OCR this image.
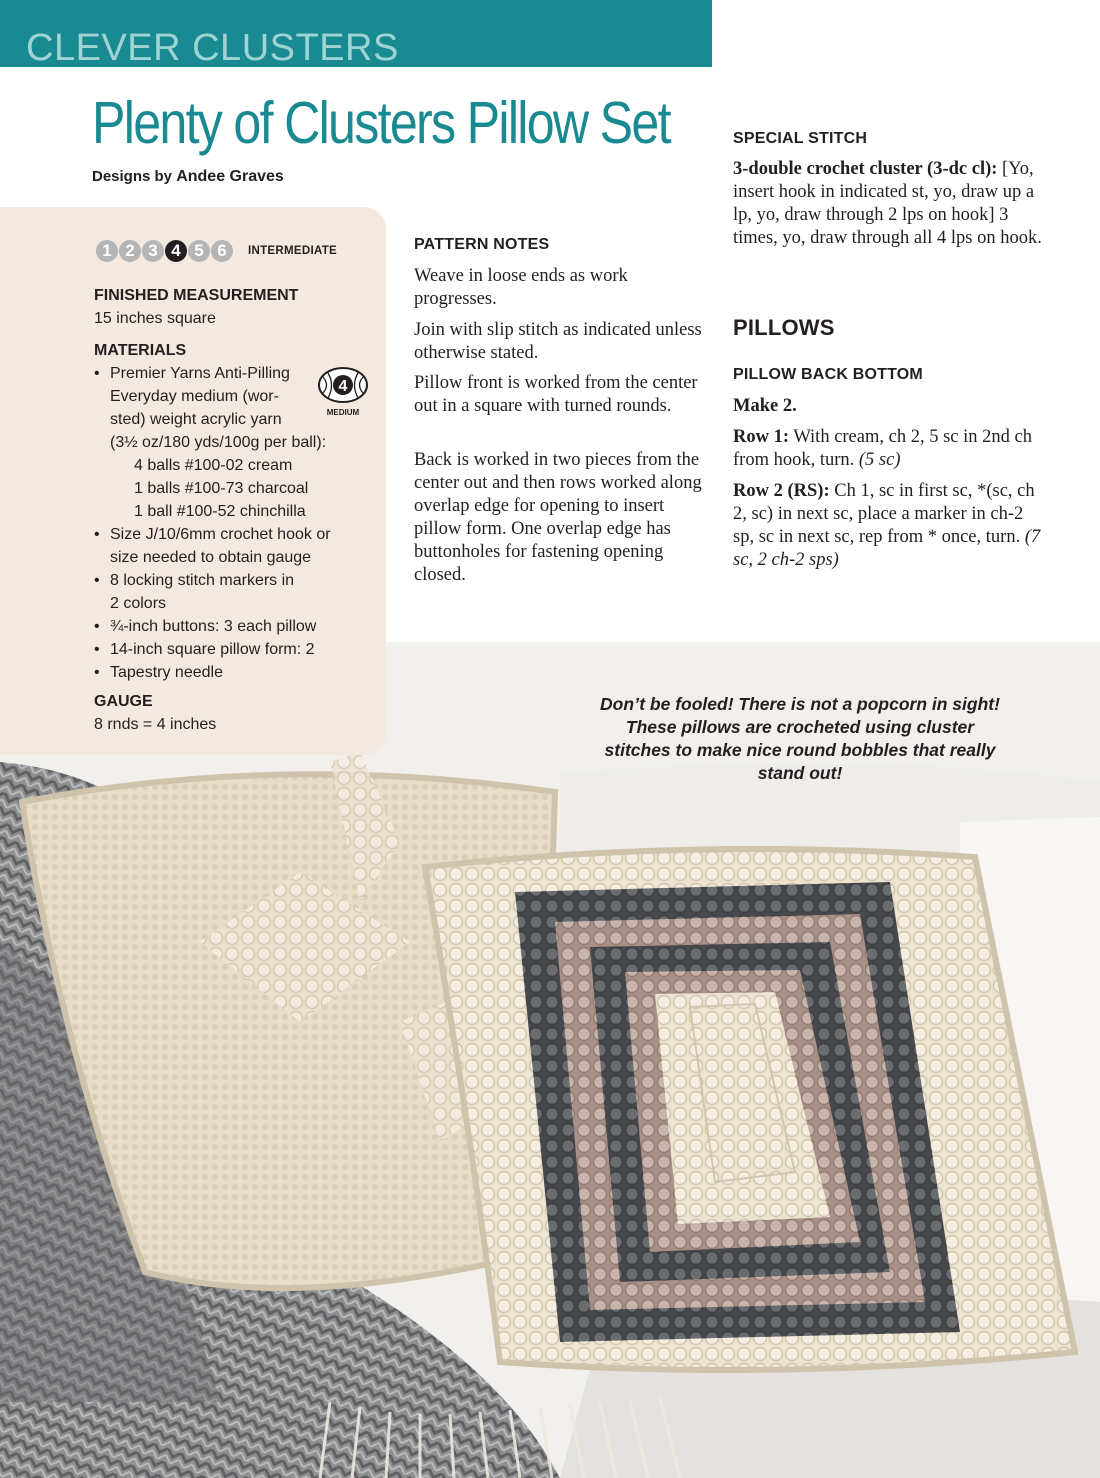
CLEVER CLUSTERS
Plenty of Clusters Pillow Set
Designs by Andee Graves
1 2 3 4 5 6	INTERMEDIATE
FINISHED MEASUREMENT
15 inches square
MATERIALS
• Premier Yarns Anti-Pilling
Everyday medium (wor-
sted) weight acrylic yarn
(3½ oz/180 yds/100g per ball):
4 balls #100-02 cream
1 balls #100-73 charcoal
1 ball #100-52 chinchilla
• Size J/10/6mm crochet hook or
size needed to obtain gauge
• 8 locking stitch markers in
2 colors
• ¾-inch buttons: 3 each pillow
• 14-inch square pillow form: 2
• Tapestry needle
4
MEDIUM
GAUGE
8 rnds = 4 inches
PATTERN NOTES
Weave in loose ends as work progresses.
Join with slip stitch as indicated unless otherwise stated.
Pillow front is worked from the center out in a square with turned rounds.
Back is worked in two pieces from the center out and then rows worked along overlap edge for opening to insert pillow form. One overlap edge has buttonholes for fastening opening closed.
SPECIAL STITCH
3-double crochet cluster (3-dc cl): [Yo, insert hook in indicated st, yo, draw up a lp, yo, draw through 2 lps on hook] 3 times, yo, draw through all 4 lps on hook.
PILLOWS
PILLOW BACK BOTTOM
Make 2.
Row 1: With cream, ch 2, 5 sc in 2nd ch from hook, turn. (5 sc)
Row 2 (RS): Ch 1, sc in first sc, *(sc, ch 2, sc) in next sc, place a marker in ch-2 sp, sc in next sc, rep from * once, turn. (7 sc, 2 ch-2 sps)
Don’t be fooled! There is not a popcorn in sight! These pillows are crocheted using cluster stitches to make nice round bobbles that really stand out!
